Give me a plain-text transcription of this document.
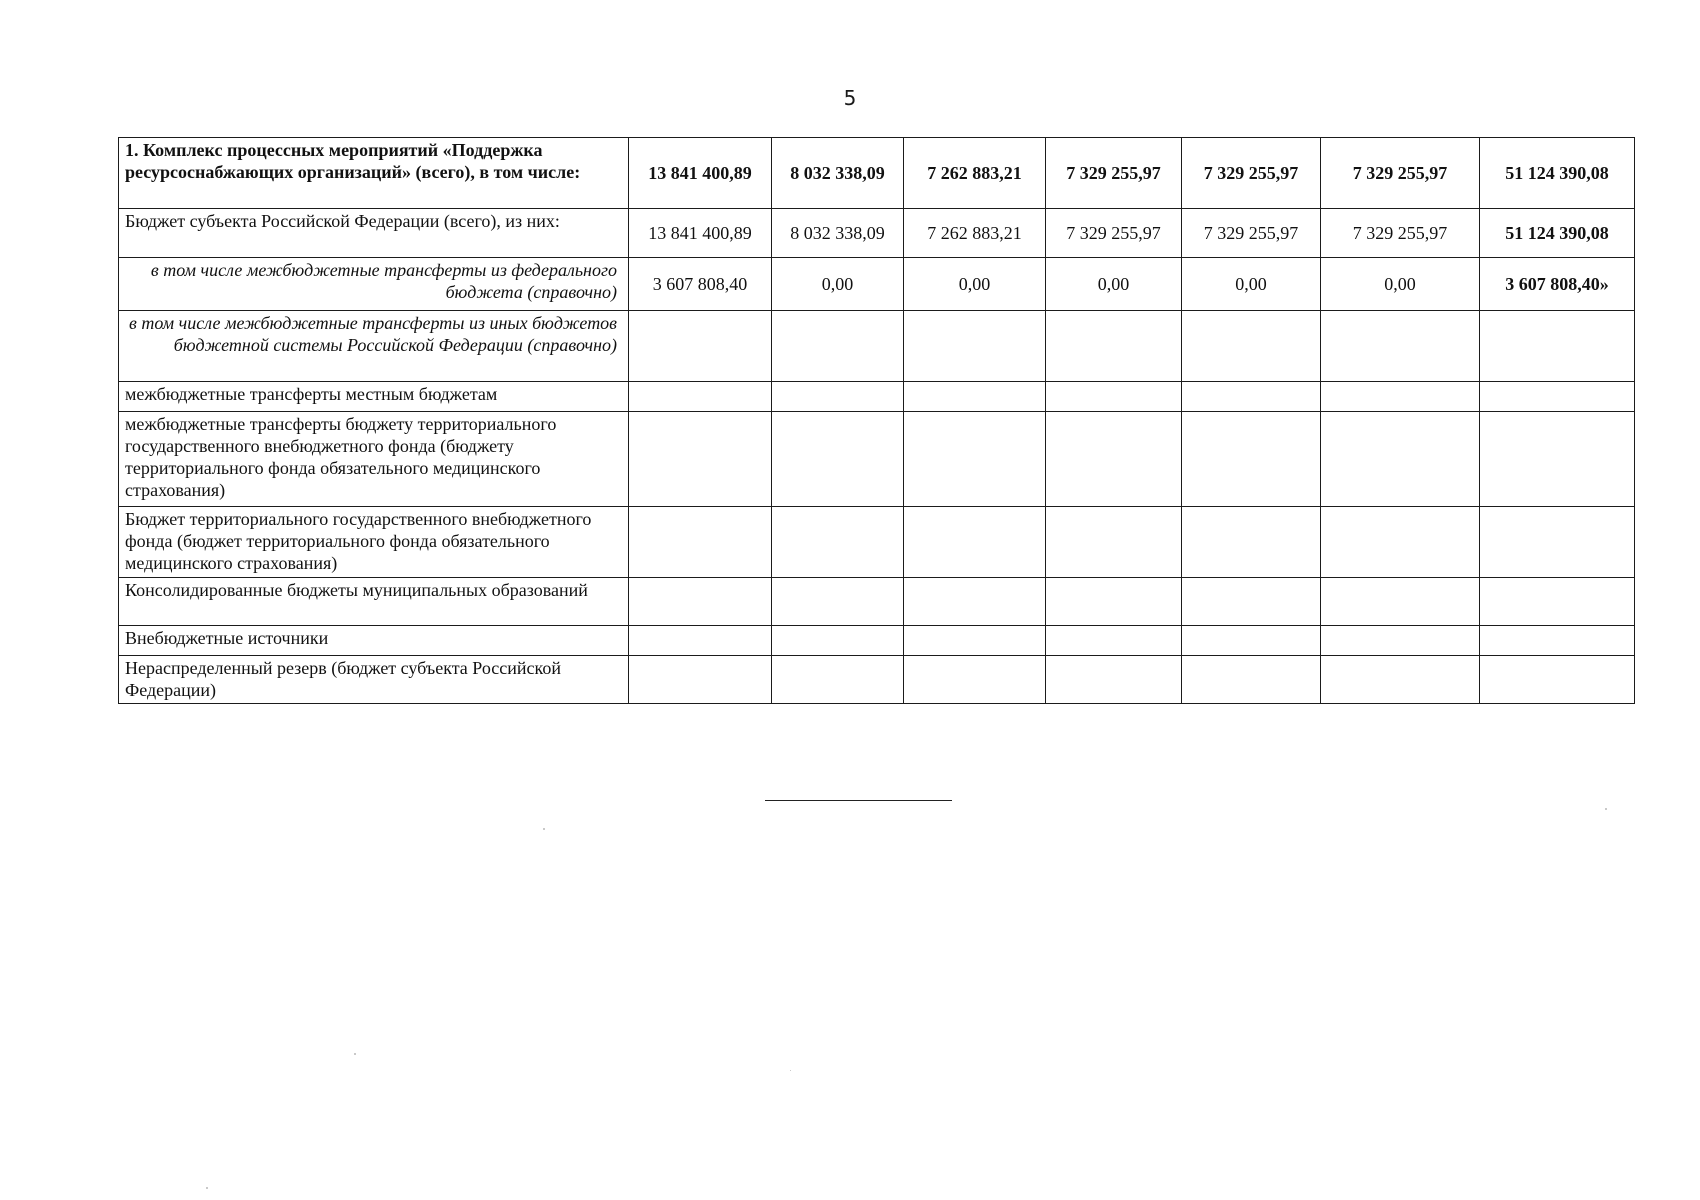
5
1. Комплекс процессных мероприятий «Поддержка ресурсоснабжающих организаций» (всего), в том числе:	13 841 400,89	8 032 338,09	7 262 883,21	7 329 255,97	7 329 255,97	7 329 255,97	51 124 390,08
Бюджет субъекта Российской Федерации (всего), из них:	13 841 400,89	8 032 338,09	7 262 883,21	7 329 255,97	7 329 255,97	7 329 255,97	51 124 390,08
в том числе межбюджетные трансферты из федерального бюджета (справочно)	3 607 808,40	0,00	0,00	0,00	0,00	0,00	3 607 808,40»
в том числе межбюджетные трансферты из иных бюджетов бюджетной системы Российской Федерации (справочно)							
межбюджетные трансферты местным бюджетам							
межбюджетные трансферты бюджету территориального государственного внебюджетного фонда (бюджету территориального фонда обязательного медицинского страхования)							
Бюджет территориального государственного внебюджетного фонда (бюджет территориального фонда обязательного медицинского страхования)							
Консолидированные бюджеты муниципальных образований							
Внебюджетные источники							
Нераспределенный резерв (бюджет субъекта Российской Федерации)							
